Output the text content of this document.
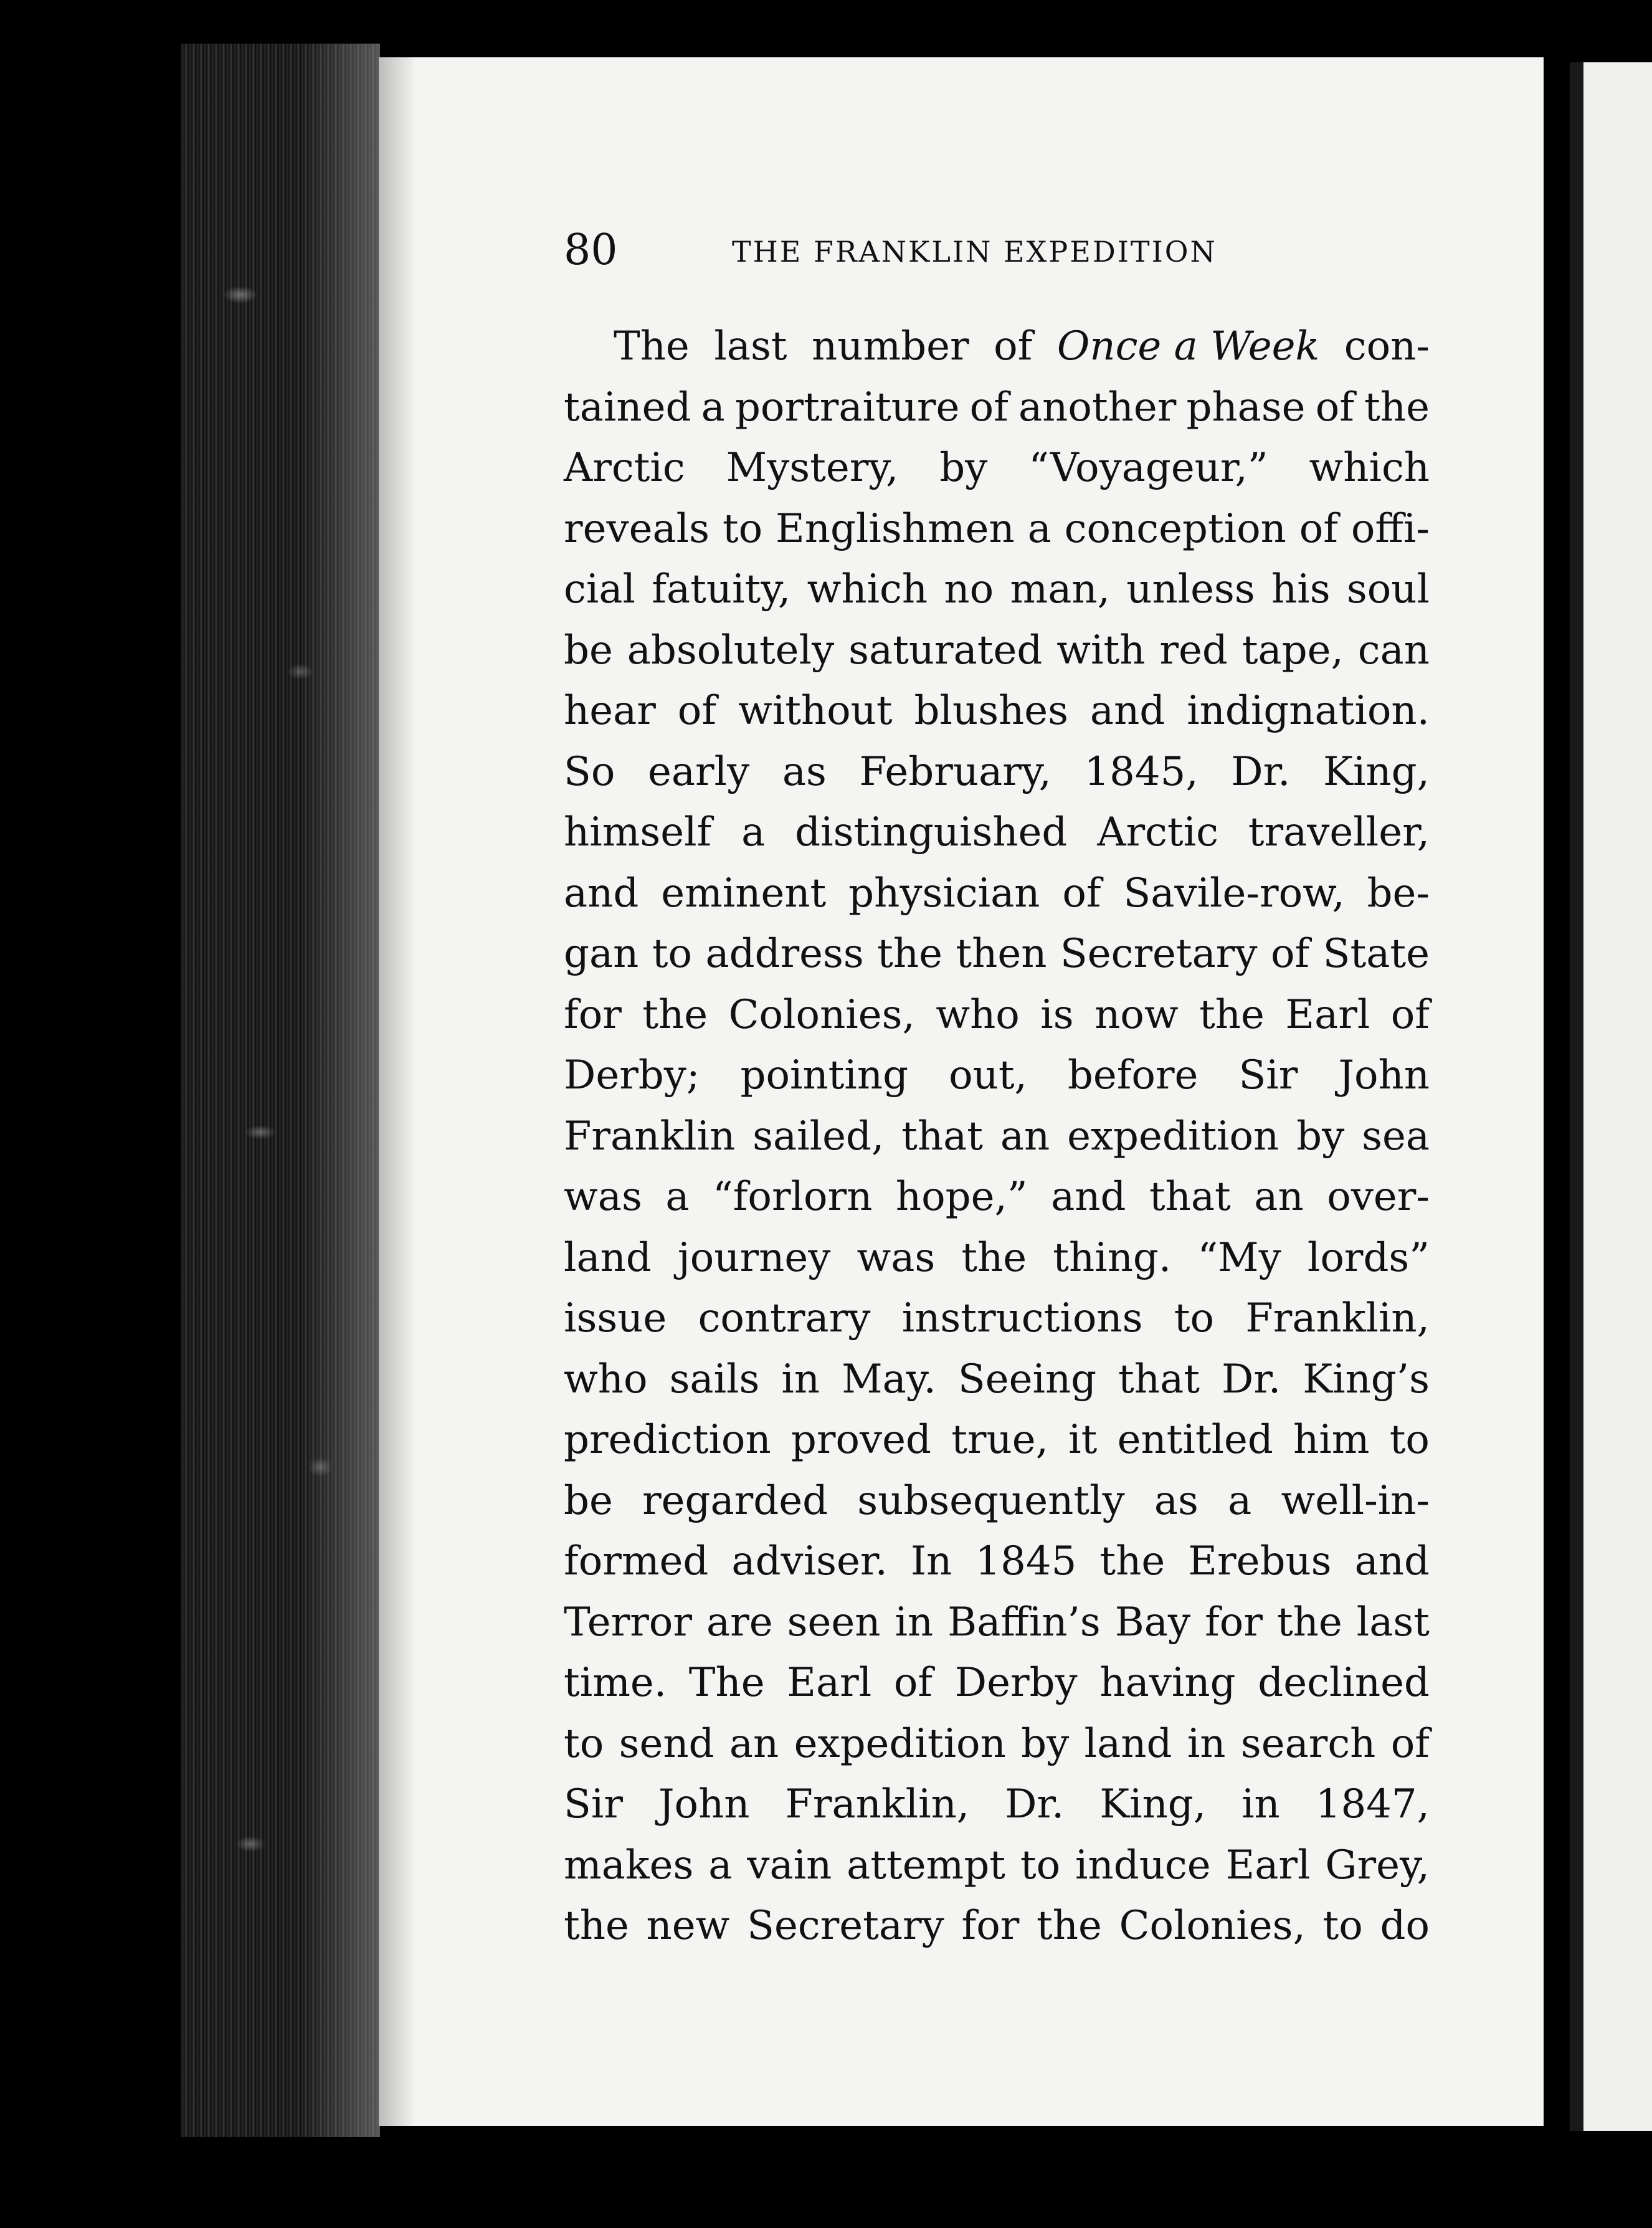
80	THE FRANKLIN EXPEDITION
The last number of Once a Week con-
tained a portraiture of another phase of the
Arctic Mystery, by “Voyageur,” which
reveals to Englishmen a conception of offi-
cial fatuity, which no man, unless his soul
be absolutely saturated with red tape, can
hear of without blushes and indignation.
So early as February, 1845, Dr. King,
himself a distinguished Arctic traveller,
and eminent physician of Savile-row, be-
gan to address the then Secretary of State
for the Colonies, who is now the Earl of
Derby; pointing out, before Sir John
Franklin sailed, that an expedition by sea
was a “forlorn hope,” and that an over-
land journey was the thing. “My lords”
issue contrary instructions to Franklin,
who sails in May. Seeing that Dr. King’s
prediction proved true, it entitled him to
be regarded subsequently as a well-in-
formed adviser. In 1845 the Erebus and
Terror are seen in Baffin’s Bay for the last
time. The Earl of Derby having declined
to send an expedition by land in search of
Sir John Franklin, Dr. King, in 1847,
makes a vain attempt to induce Earl Grey,
the new Secretary for the Colonies, to do
